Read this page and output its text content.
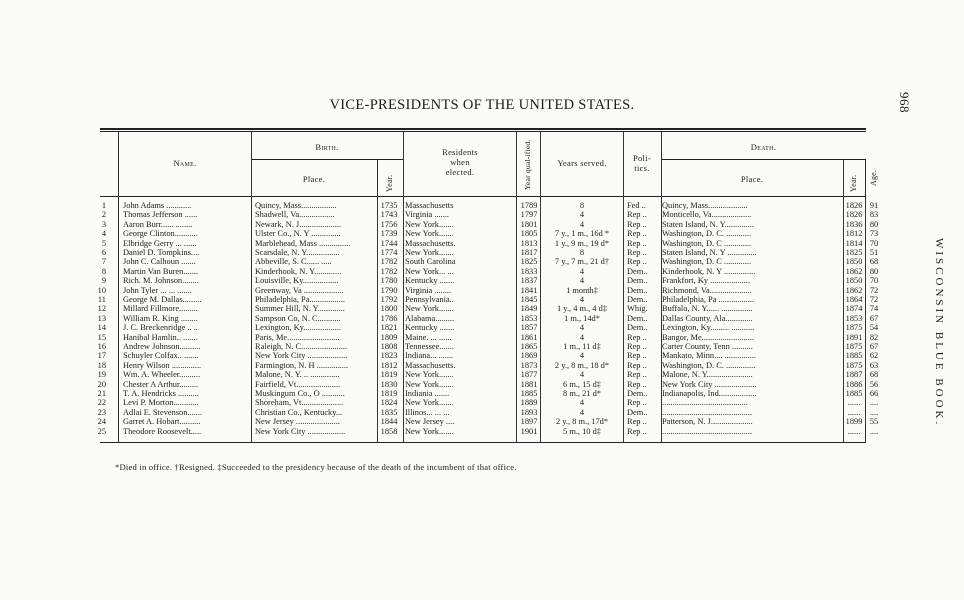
VICE-PRESIDENTS OF THE UNITED STATES.	968
WISCONSIN BLUE BOOK.
Name.
Birth.
Place.	Year.
Residents
when
elected.	Year qual-ified.	Years served.	Poli-
tics.
Death.
Place.	Year. Age.
1 John Adams ............	Quincy, Mass.................	1735 Massachusetts	1789	8	Fed ..	Quincy, Mass...................	1826 91
2 Thomas Jefferson ......	Shadwell, Va.................	1743 Virginia .......	1797	4	Rep ..	Monticello, Va...................	1826 83
3 Aaron Burr...... ........	Newark, N. J....................	1756 New York.......	1801	4	Rep ..	Staten Island, N. Y..............	1836 80
4 George Clinton...........	Ulster Co., N. Y ..............	1739 New York.......	1805	7 y., 1 m., 16d *	Rep ..	Washington, D. C. ............	1812 73
5 Elbridge Gerry ... ......	Marblehead, Mass ...............	1744 Massachusetts.	1813	1 y., 9 m., 19 d*	Rep ..	Washington, D. C .............	1814 70
6 Daniel D. Tompkins....	Scarsdale, N. Y................	1774 New York.......	1817	8	Rep ..	Staten Island, N. Y ..............	1825 51
7 John C. Calhoun .......	Abbeville, S. C...... .....	1782 South Carolina	1825	7 y., 7 m., 21 d†	Rep ..	Washington, D. C .............	1850 68
8 Martin Van Buren.......	Kinderhook, N. Y.............	1782 New York... ...	1833	4	Dem..	Kinderhook, N. Y ...............	1862 80
9 Rich. M. Johnson........	Louisville, Ky.................	1780 Kentucky .......	1837	4	Dem..	Frankfort, Ky ...................	1850 70
10 John Tyler ... ... .......	Greenway, Va ...................	1790 Virginia ........	1841	1 month‡	Dem..	Richmond, Va....................	1862 72
11 George M. Dallas.........	Philadelphia, Pa.................	1792 Pennsylvania..	1845	4	Dem..	Philadelphia, Pa .................	1864 72
12 Millard Fillmore.........	Summer Hill, N. Y.............	1800 New York.......	1849	1 y., 4 m., 4 d‡	Whig.	Buffalo, N. Y...... ...............	1874 74
13 William R. King ........	Sampson Co, N. C...........	1786 Alabama.........	1853	1 m., 14d*	Dem..	Dallas County, Ala.............	1853 67
14 J. C. Breckenridge .. ..	Lexington, Ky..................	1821 Kentucky .......	1857	4	Dem..	Lexington, Ky......... ...........	1875 54
15 Hanibal Hamlin.. .......	Paris, Me.........................	1809 Maine. ... ......	1861	4	Rep ..	Bangor, Me.........................	1891 82
16 Andrew Johnson..........	Raleigh, N. C......................	1808 Tennessee.......	1865	1 m., 11 d‡	Rep ..	Carter County, Tenn ..........	1875 67
17 Schuyler Colfax.. .......	New York City ...................	1823 Indiana... .......	1869	4	Rep ..	Mankato, Minn.... ...............	1885 62
18 Henry Wilson ..............	Farmington, N. H ...............	1812 Massachusetts.	1873	2 y., 8 m., 18 d*	Rep ..	Washington, D. C. ..............	1875 63
19 Wm. A. Wheeler..........	Malone, N. Y. .. ..............	1819 New York.......	1877	4	Rep ..	Malone, N. Y......................	1887 68
20 Chester A Arthur.........	Fairfield, Vt.....................	1830 New York.......	1881	6 m., 15 d‡	Rep ..	New York City ....................	1886 56
21 T. A. Hendricks ..........	Muskingum Co., O ...........	1819 Indiania .......	1885	8 m., 21 d*	Dem..	Indianapolis, Ind..................	1885 66
22 Levi P. Morton............	Shoreham, Vt....................	1824 New York.......	1889	4	Rep ..	.........................................	......	....
23 Adlai E. Stevenson.......	Christian Co., Kentucky...	1835 Illinos... ... ...	1893	4	Dem..	...........................................	......	....
24 Garret A. Hobart..........	New Jersey .....................	1844 New Jersey ....	1897	2 y., 8 m., 17d*	Rep ..	Patterson, N. J....................	1899 55
25 Theodore Roosevelt.....	New York City ..................	1858 New York.......	1901	5 m., 10 d‡	Rep ..	...........................................	......	....
*Died in office. †Resigned. ‡Succeeded to the presidency because of the death of the incumbent of that office.
